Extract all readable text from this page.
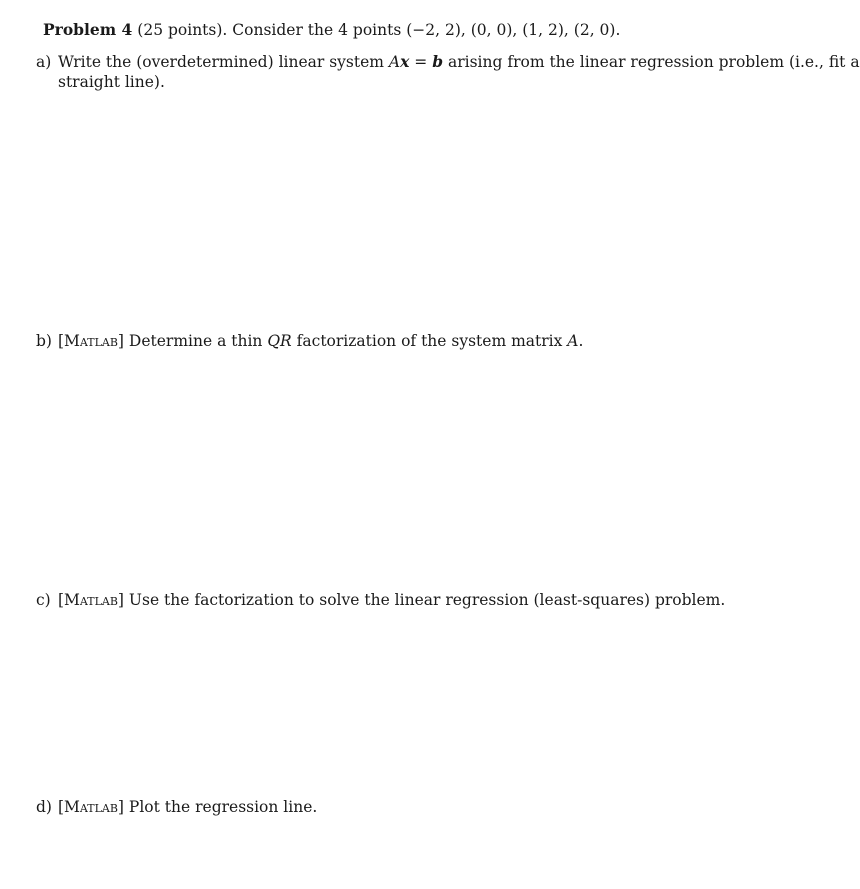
Problem 4 (25 points). Consider the 4 points (−2, 2), (0, 0), (1, 2), (2, 0).
a) Write the (overdetermined) linear system Ax = b arising from the linear regression problem (i.e., fit a
straight line).
b) [Matlab] Determine a thin QR factorization of the system matrix A.
c) [Matlab] Use the factorization to solve the linear regression (least-squares) problem.
d) [Matlab] Plot the regression line.
